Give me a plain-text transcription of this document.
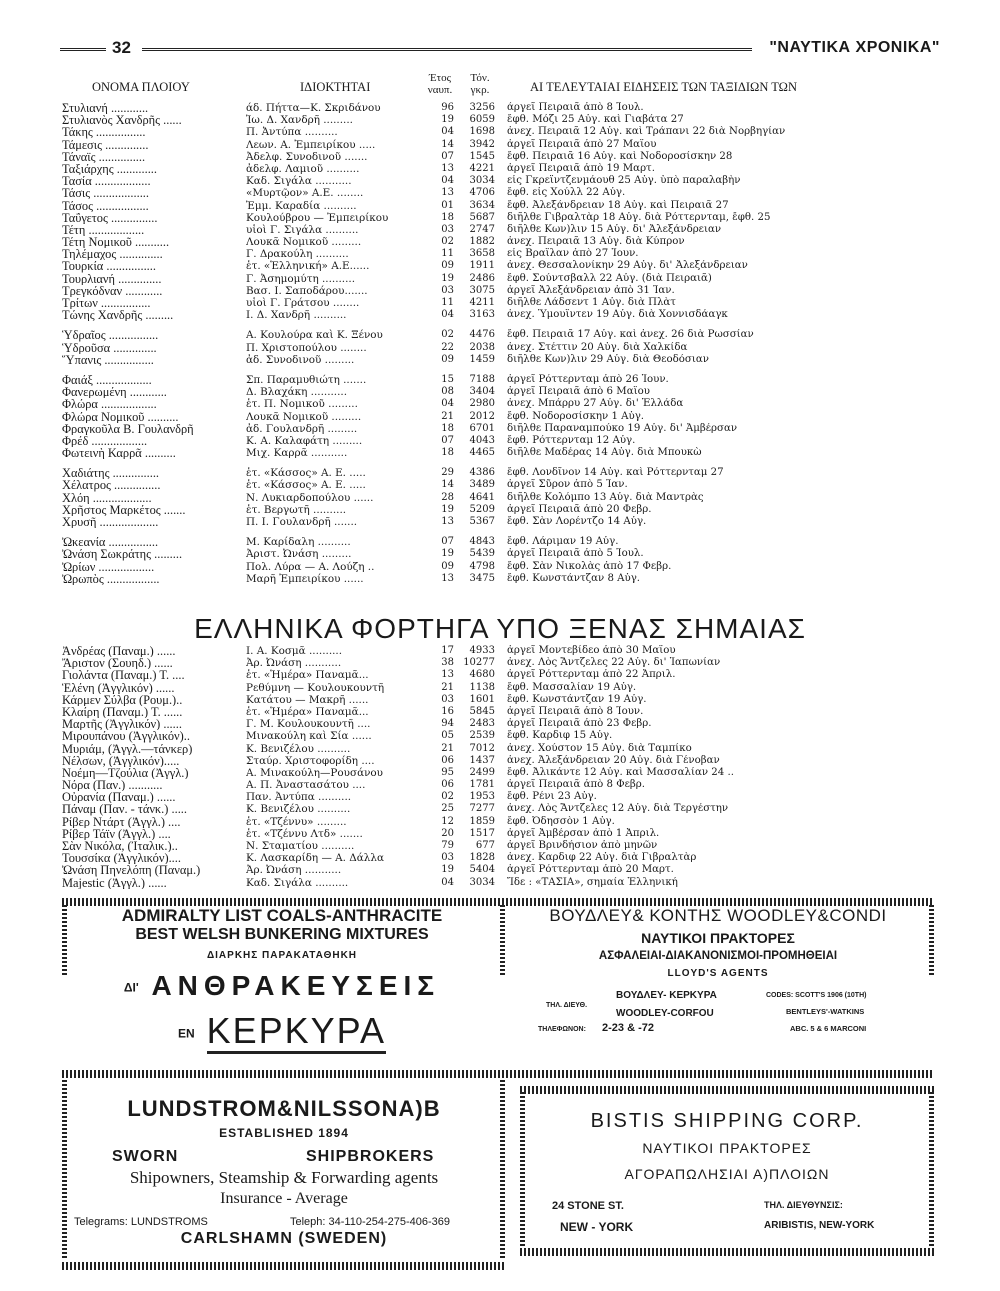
32	"ΝΑΥΤΙΚΑ ΧΡΟΝΙΚΑ"
ΟΝΟΜΑ ΠΛΟΙΟΥ	ΙΔΙΟΚΤΗΤΑΙ
Έτος
ναυπ.
Τόν.
γκρ.	ΑΙ ΤΕΛΕΥΤΑΙΑΙ ΕΙΔΗΣΕΙΣ ΤΩΝ ΤΑΞΙΔΙΩΝ ΤΩΝ
Στυλιανή ............	άδ. Πήττα—Κ. Σκριδάνου	96	3256 άργεῖ Πειραιᾶ ἀπὸ 8 Ἰουλ.
Στυλιανὸς Χανδρῆς ......	Ἰω. Δ. Χανδρῆ .........	19	6059 ἔφθ. Μόζι 25 Αὐγ. καὶ Γιαβάτα 27
Τάκης ................	Π. Ἀντύπα ..........	04	1698 ἀνεχ. Πειραιᾶ 12 Αὐγ. καὶ Τράπανι 22 διὰ Νορβηγίαν
Τάμεσις ..............	Λεων. Α. Ἐμπειρίκου .....	14	3942 ἀργεῖ Πειραιᾶ ἀπὸ 27 Μαΐου
Τάναϊς ...............	Ἀδελφ. Συνοδινοῦ .......	07	1545 ἔφθ. Πειραιᾶ 16 Αὐγ. καὶ Νοδοροσίσκην 28
Ταξιάρχης .............	ἀδελφ. Λαμιοῦ ..........	13	4221 ἀργεῖ Πειραιᾶ ἀπὸ 19 Μαρτ.
Τασία ..................	Καδ. Σιγάλα ...........	04	3034 εἰς Γκρεϊντζενμάουθ 25 Αὐγ. ὑπὸ παραλαβὴν
Τάσις ..................	«Μυρτῷον» Α.Ε. ........	13	4706 ἔφθ. εἰς Χούλλ 22 Αὐγ.
Τάσος .................	Ἐμμ. Καραδία ..........	01	3634 ἔφθ. Ἀλεξάνδρειαν 18 Αὐγ. καὶ Πειραιᾶ 27
Ταΰγετος ...............	Κουλούβρου — Ἐμπειρίκου	18	5687 διῆλθε Γιβραλτὰρ 18 Αὐγ. διὰ Ρόττερνταμ, ἔφθ. 25
Τέτη ..................	υἱοὶ Γ. Σιγάλα ..........	03	2747 διῆλθε Κων)λιν 15 Αὐγ. δι' Ἀλεξάνδρειαν
Τέτη Νομικοῦ ...........	Λουκᾶ Νομικοῦ .........	02	1882 ἀνεχ. Πειραιᾶ 13 Αὐγ. διὰ Κύπρον
Τηλέμαχος ..............	Γ. Δρακούλη ..........	11	3658 εἰς Βραΐλαν ἀπὸ 27 Ἰουν.
Τουρκία ................	ἑτ. «Ἑλληνική» Α.Ε......	09	1911 ἀνεχ. Θεσσαλονίκην 29 Αὐγ. δι' Ἀλεξάνδρειαν
Τουρλιανή ..............	Γ. Ἀσημομύτη ..........	19	2486 ἔφθ. Σούντσβαλλ 22 Αὐγ. (διὰ Πειραιᾶ)
Τρεγκόδναν ............	Βασ. Ι. Σαποδάρου.......	03	3075 ἀργεῖ Ἀλεξάνδρειαν ἀπὸ 31 Ἰαν.
Τρίτων ................	υἱοὶ Γ. Γράτσου ........	11	4211 διῆλθε Λάδσεντ 1 Αὐγ. διὰ Πλὰτ
Τώνης Χανδρῆς .........	Ι. Δ. Χανδρῆ ..........	04	3163 ἀνεχ. Ὑμουΐντεν 19 Αὐγ. διὰ Χοννισδάαγκ
Ὑδραῖος ................	Α. Κουλούρα καὶ Κ. Ξένου	02	4476 ἔφθ. Πειραιᾶ 17 Αὐγ. καὶ ἀνεχ. 26 διὰ Ρωσσίαν
Ὑδροῦσα ..............	Π. Χριστοπούλου ........	22	2038 ἀνεχ. Στέττιν 20 Αὐγ. διὰ Χαλκίδα
Ὕπανις ................	ἀδ. Συνοδινοῦ .........	09	1459 διῆλθε Κων)λιν 29 Αὐγ. διὰ Θεοδόσιαν
Φαιάξ ..................	Σπ. Παραμυθιώτη .......	15	7188 ἀργεῖ Ρόττερνταμ ἀπὸ 26 Ἰουν.
Φανερωμένη ............	Δ. Βλαχάκη ...........	08	3404 ἀργεῖ Πειραιᾶ ἀπὸ 6 Μαΐου
Φλώρα ..................	ἑτ. Π. Νομικοῦ .........	04	2980 ἀνεχ. Μπάρρυ 27 Αὐγ. δι' Ἑλλάδα
Φλώρα Νομικοῦ ..........	Λουκᾶ Νομικοῦ .........	21	2012 ἔφθ. Νοδοροσίσκην 1 Αὐγ.
Φραγκοῦλα Β. Γουλανδρῆ	ἀδ. Γουλανδρῆ .........	18	6701 διῆλθε Παραναμπούκο 19 Αὐγ. δι' Ἀμβέρσαν
Φρέδ ..................	Κ. Α. Καλαφάτη .........	07	4043 ἔφθ. Ρόττερνταμ 12 Αὐγ.
Φωτεινὴ Καρρᾶ ..........	Μιχ. Καρρᾶ ...........	18	4465 διῆλθε Μαδέρας 14 Αὐγ. διὰ Μπουκὼ
Χαδιάτης ...............	ἑτ. «Κάσσος» Α. Ε. .....	29	4386 ἔφθ. Λονδῖνον 14 Αὐγ. καὶ Ρόττερνταμ 27
Χέλατρος ...............	ἑτ. «Κάσσος» Α. Ε. .....	14	3489 ἀργεῖ Σῦρον ἀπὸ 5 Ἰαν.
Χλόη ...................	Ν. Λυκιαρδοπούλου ......	28	4641 διῆλθε Κολόμπο 13 Αὐγ. διὰ Μαντρὰς
Χρῆστος Μαρκέτος .......	ἑτ. Βεργωτῆ ..........	19	5209 ἀργεῖ Πειραιᾶ ἀπὸ 20 Φεβρ.
Χρυσῆ ...................	Π. Ι. Γουλανδρῆ .......	13	5367 ἔφθ. Σὰν Λορέντζο 14 Αὐγ.
Ὠκεανία ................	Μ. Καρίδαλη ..........	07	4843 ἔφθ. Λάριμαν 19 Αὐγ.
Ὠνάση Σωκράτης .........	Ἀριστ. Ὠνάση .........	19	5439 ἀργεῖ Πειραιᾶ ἀπὸ 5 Ἰουλ.
Ὠρίων ..................	Πολ. Λύρα — Α. Λούζη ..	09	4798 ἔφθ. Σὰν Νικολὰς ἀπὸ 17 Φεβρ.
Ὠρωπὸς .................	Μαρῆ Ἐμπειρίκου ......	13	3475 ἔφθ. Κωνστάντζαν 8 Αὐγ.
ΕΛΛΗΝΙΚΑ ΦΟΡΤΗΓΑ ΥΠΟ ΞΕΝΑΣ ΣΗΜΑΙΑΣ
Ἀνδρέας (Παναμ.) ......	Ι. Α. Κοσμᾶ ..........	17	4933 ἀργεῖ Μοντεβίδεο ἀπὸ 30 Μαΐου
Ἄριστον (Σουηδ.) ......	Ἀρ. Ὠνάση ...........	38 10277 ἀνεχ. Λὸς Ἄντζελες 22 Αὐγ. δι' Ἰαπωνίαν
Γιολάντα (Παναμ.) Τ. ....	ἑτ. «Ἡμέρα» Παναμᾶ...	13	4680 ἀργεῖ Ρόττερνταμ ἀπὸ 22 Ἀπριλ.
Ἑλένη (Ἀγγλικόν) ......	Ρεθύμνη — Κουλουκουντῆ	21	1138 ἔφθ. Μασσαλίαν 19 Αὐγ.
Κάρμεν Σύλβα (Ρουμ.)..	Κατάτου — Μακρῆ ......	03	1601 ἔφθ. Κωνστάντζαν 19 Αὐγ.
Κλαίρη (Παναμ.) Τ. ......	ἑτ. «Ἡμέρα» Παναμᾶ...	16	5845 ἀργεῖ Πειραιᾶ ἀπὸ 8 Ἰουν.
Μαρτῆς (Ἀγγλικόν) ......	Γ. Μ. Κουλουκουντῆ ....	94	2483 ἀργεῖ Πειραιᾶ ἀπὸ 23 Φεβρ.
Μιρουπάνου (Ἀγγλικόν)..	Μινακούλη καὶ Σία ......	05	2539 ἔφθ. Καρδιφ 15 Αὐγ.
Μυριάμ, (Ἀγγλ.—τάνκερ)	Κ. Βενιζέλου ..........	21	7012 ἀνεχ. Χούστον 15 Αὐγ. διὰ Ταμπίκο
Νέλσων, (Ἀγγλικόν).....	Σταύρ. Χριστοφορίδη ....	06	1437 ἀνεχ. Ἀλεξάνδρειαν 20 Αὐγ. διὰ Γένοβαν
Νοέμη—Τζούλια (Ἀγγλ.)	Α. Μινακούλη—Ρουσάνου	95	2499 ἔφθ. Ἀλικάντε 12 Αὐγ. καὶ Μασσαλίαν 24 ..
Νόρα (Παν.) ...........	Α. Π. Ἀναστασάτου ....	06	1781 ἀργεῖ Πειραιᾶ ἀπὸ 8 Φεβρ.
Οὐρανία (Παναμ.) ......	Παν. Ἀντύπα ..........	02	1953 ἔφθ. Ρένι 23 Αὐγ.
Πάναμ (Παν. - τάνκ.) .....	Κ. Βενιζέλου ..........	25	7277 ἀνεχ. Λὸς Ἄντζελες 12 Αὐγ. διὰ Τεργέστην
Ρίβερ Ντάρτ (Ἀγγλ.) ....	ἑτ. «Τζέννυ» .........	12	1859 ἔφθ. Ὀδησσὸν 1 Αὐγ.
Ρίβερ Τάϊν (Ἀγγλ.) ....	ἑτ. «Τζέννυ Λτδ» .......	20	1517 ἀργεῖ Ἀμβέρσαν ἀπὸ 1 Ἀπριλ.
Σὰν Νικόλα, (Ἰταλικ.)..	Ν. Σταματίου ..........	79	677 ἀργεῖ Βρινδήσιον ἀπὸ μηνῶν
Τουσσίκα (Ἀγγλικόν)....	Κ. Λασκαρίδη — Α. Δάλλα	03	1828 ἀνεχ. Καρδιφ 22 Αὐγ. διὰ Γιβραλτὰρ
Ὠνάση Πηνελόπη (Παναμ.)	Ἀρ. Ὠνάση ...........	19	5404 ἀργεῖ Ρόττερνταμ ἀπὸ 20 Μαρτ.
Majestic (Ἀγγλ.) ......	Καδ. Σιγάλα ..........	04	3034 Ἴδε : «ΤΑΣΙΑ», σημαία Ἑλληνική
ADMIRALTY LIST COALS-ANTHRACITE
BEST WELSH BUNKERING MIXTURES
ΔΙΑΡΚΗΣ ΠΑΡΑΚΑΤΑΘΗΚΗ
ΔΙ' ΑΝΘΡΑΚΕΥΣΕΙΣ
ΕΝ ΚΕΡΚΥΡΑ
ΒΟΥΔΛΕΥ& ΚΟΝΤΗΣ WOODLEY&CONDI
ΝΑΥΤΙΚΟΙ ΠΡΑΚΤΟΡΕΣ
ΑΣΦΑΛΕΙΑΙ-ΔΙΑΚΑΝΟΝΙΣΜΟΙ-ΠΡΟΜΗΘΕΙΑΙ
LLOYD'S AGENTS
ΤΗΛ. ΔΙΕΥΘ.
ΒΟΥΔΛΕΥ- ΚΕΡΚΥΡΑ
WOODLEY-CORFOU
CODES: SCOTT'S 1906 (10TH)
BENTLEYS'-WATKINS
ABC. 5 & 6 MARCONI
ΤΗΛΕΦΩΝΟΝ: 2-23 & -72
LUNDSTROM&NILSSONA)B
ESTABLISHED 1894
SWORN	SHIPBROKERS
Shipowners, Steamship & Forwarding agents
Insurance - Average
Telegrams: LUNDSTROMS	Teleph: 34-110-254-275-406-369
CARLSHAMN (SWEDEN)
BISTIS SHIPPING CORP.
ΝΑΥΤΙΚΟΙ ΠΡΑΚΤΟΡΕΣ
ΑΓΟΡΑΠΩΛΗΣΙΑΙ Α)ΠΛΟΙΩΝ
24 STONE ST.	ΤΗΛ. ΔΙΕΥΘΥΝΣΙΣ:
NEW - YORK	ARIBISTIS, NEW-YORK
